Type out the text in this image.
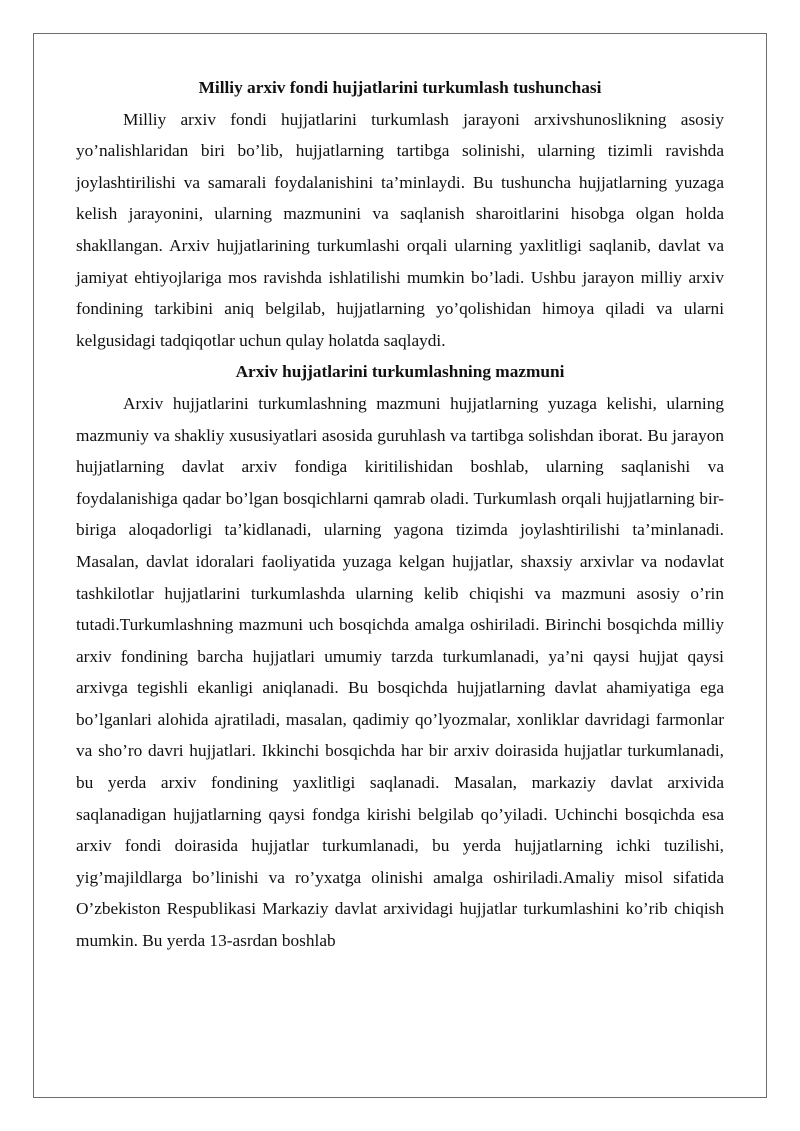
Milliy arxiv fondi hujjatlarini turkumlash tushunchasi

Milliy arxiv fondi hujjatlarini turkumlash jarayoni arxivshunoslikning asosiy yo’nalishlaridan biri bo’lib, hujjatlarning tartibga solinishi, ularning tizimli ravishda joylashtirilishi va samarali foydalanishini ta’minlaydi. Bu tushuncha hujjatlarning yuzaga kelish jarayonini, ularning mazmunini va saqlanish sharoitlarini hisobga olgan holda shakllangan. Arxiv hujjatlarining turkumlashi orqali ularning yaxlitligi saqlanib, davlat va jamiyat ehtiyojlariga mos ravishda ishlatilishi mumkin bo’ladi. Ushbu jarayon milliy arxiv fondining tarkibini aniq belgilab, hujjatlarning yo’qolishidan himoya qiladi va ularni kelgusidagi tadqiqotlar uchun qulay holatda saqlaydi.

Arxiv hujjatlarini turkumlashning mazmuni

Arxiv hujjatlarini turkumlashning mazmuni hujjatlarning yuzaga kelishi, ularning mazmuniy va shakliy xususiyatlari asosida guruhlash va tartibga solishdan iborat. Bu jarayon hujjatlarning davlat arxiv fondiga kiritilishidan boshlab, ularning saqlanishi va foydalanishiga qadar bo’lgan bosqichlarni qamrab oladi. Turkumlash orqali hujjatlarning bir-biriga aloqadorligi ta’kidlanadi, ularning yagona tizimda joylashtirilishi ta’minlanadi. Masalan, davlat idoralari faoliyatida yuzaga kelgan hujjatlar, shaxsiy arxivlar va nodavlat tashkilotlar hujjatlarini turkumlashda ularning kelib chiqishi va mazmuni asosiy o’rin tutadi.Turkumlashning mazmuni uch bosqichda amalga oshiriladi. Birinchi bosqichda milliy arxiv fondining barcha hujjatlari umumiy tarzda turkumlanadi, ya’ni qaysi hujjat qaysi arxivga tegishli ekanligi aniqlanadi. Bu bosqichda hujjatlarning davlat ahamiyatiga ega bo’lganlari alohida ajratiladi, masalan, qadimiy qo’lyozmalar, xonliklar davridagi farmonlar va sho’ro davri hujjatlari. Ikkinchi bosqichda har bir arxiv doirasida hujjatlar turkumlanadi, bu yerda arxiv fondining yaxlitligi saqlanadi. Masalan, markaziy davlat arxivida saqlanadigan hujjatlarning qaysi fondga kirishi belgilab qo’yiladi. Uchinchi bosqichda esa arxiv fondi doirasida hujjatlar turkumlanadi, bu yerda hujjatlarning ichki tuzilishi, yig’majildlarga bo’linishi va ro’yxatga olinishi amalga oshiriladi.Amaliy misol sifatida O’zbekiston Respublikasi Markaziy davlat arxividagi hujjatlar turkumlashini ko’rib chiqish mumkin. Bu yerda 13-asrdan boshlab
